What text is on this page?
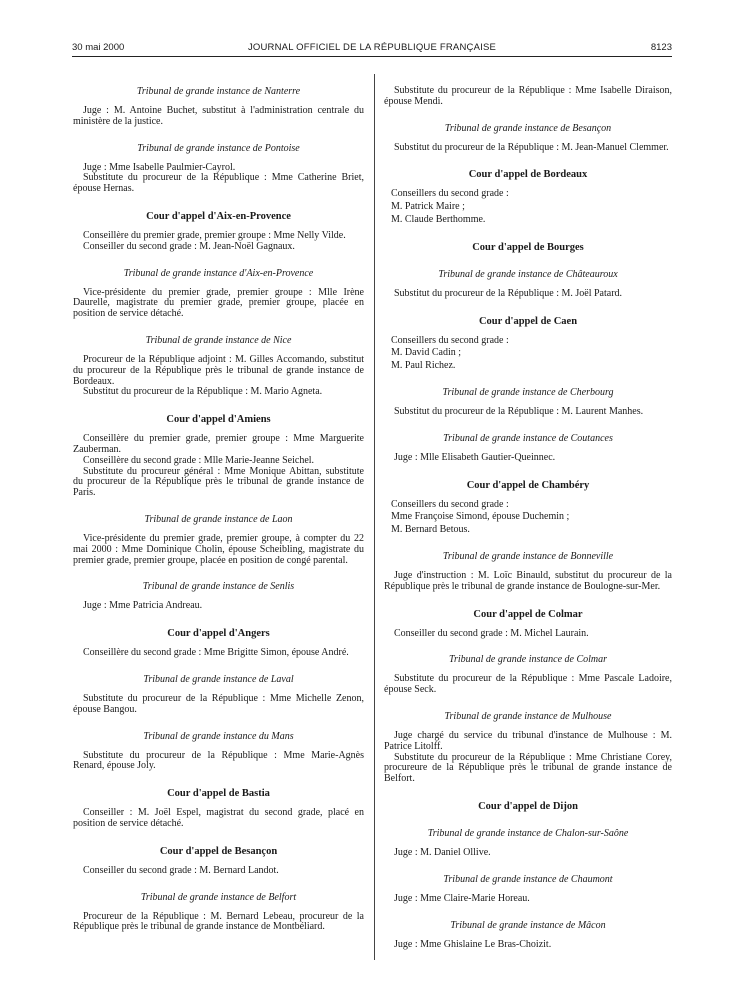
30 mai 2000	JOURNAL OFFICIEL DE LA RÉPUBLIQUE FRANÇAISE	8123
Tribunal de grande instance de Nanterre

Juge : M. Antoine Buchet, substitut à l'administration centrale du ministère de la justice.

Tribunal de grande instance de Pontoise

Juge : Mme Isabelle Paulmier-Cayrol.

Substitute du procureur de la République : Mme Catherine Briet, épouse Hernas.

Cour d'appel d'Aix-en-Provence

Conseillère du premier grade, premier groupe : Mme Nelly Vilde.

Conseiller du second grade : M. Jean-Noël Gagnaux.

Tribunal de grande instance d'Aix-en-Provence

Vice-présidente du premier grade, premier groupe : Mlle Irène Daurelle, magistrate du premier grade, premier groupe, placée en position de service détaché.

Tribunal de grande instance de Nice

Procureur de la République adjoint : M. Gilles Accomando, substitut du procureur de la République près le tribunal de grande instance de Bordeaux.

Substitut du procureur de la République : M. Mario Agneta.

Cour d'appel d'Amiens

Conseillère du premier grade, premier groupe : Mme Marguerite Zauberman.

Conseillère du second grade : Mlle Marie-Jeanne Seichel.

Substitute du procureur général : Mme Monique Abittan, substitute du procureur de la République près le tribunal de grande instance de Paris.

Tribunal de grande instance de Laon

Vice-présidente du premier grade, premier groupe, à compter du 22 mai 2000 : Mme Dominique Cholin, épouse Scheibling, magistrate du premier grade, premier groupe, placée en position de congé parental.

Tribunal de grande instance de Senlis

Juge : Mme Patricia Andreau.

Cour d'appel d'Angers

Conseillère du second grade : Mme Brigitte Simon, épouse André.

Tribunal de grande instance de Laval

Substitute du procureur de la République : Mme Michelle Zenon, épouse Bangou.

Tribunal de grande instance du Mans

Substitute du procureur de la République : Mme Marie-Agnès Renard, épouse Joly.

Cour d'appel de Bastia

Conseiller : M. Joël Espel, magistrat du second grade, placé en position de service détaché.

Cour d'appel de Besançon

Conseiller du second grade : M. Bernard Landot.

Tribunal de grande instance de Belfort

Procureur de la République : M. Bernard Lebeau, procureur de la République près le tribunal de grande instance de Montbéliard.

Substitute du procureur de la République : Mme Isabelle Diraison, épouse Mendi.

Tribunal de grande instance de Besançon

Substitut du procureur de la République : M. Jean-Manuel Clemmer.

Cour d'appel de Bordeaux

Conseillers du second grade :

M. Patrick Maire ;

M. Claude Berthomme.

Cour d'appel de Bourges
Tribunal de grande instance de Châteauroux

Substitut du procureur de la République : M. Joël Patard.

Cour d'appel de Caen

Conseillers du second grade :

M. David Cadin ;

M. Paul Richez.

Tribunal de grande instance de Cherbourg

Substitut du procureur de la République : M. Laurent Manhes.

Tribunal de grande instance de Coutances

Juge : Mlle Elisabeth Gautier-Queinnec.

Cour d'appel de Chambéry

Conseillers du second grade :

Mme Françoise Simond, épouse Duchemin ;

M. Bernard Betous.

Tribunal de grande instance de Bonneville

Juge d'instruction : M. Loïc Binauld, substitut du procureur de la République près le tribunal de grande instance de Boulogne-sur-Mer.

Cour d'appel de Colmar

Conseiller du second grade : M. Michel Laurain.

Tribunal de grande instance de Colmar

Substitute du procureur de la République : Mme Pascale Ladoire, épouse Seck.

Tribunal de grande instance de Mulhouse

Juge chargé du service du tribunal d'instance de Mulhouse : M. Patrice Litolff.

Substitute du procureur de la République : Mme Christiane Corey, procureure de la République près le tribunal de grande instance de Belfort.

Cour d'appel de Dijon
Tribunal de grande instance de Chalon-sur-Saône

Juge : M. Daniel Ollive.

Tribunal de grande instance de Chaumont

Juge : Mme Claire-Marie Horeau.

Tribunal de grande instance de Mâcon

Juge : Mme Ghislaine Le Bras-Choizit.
